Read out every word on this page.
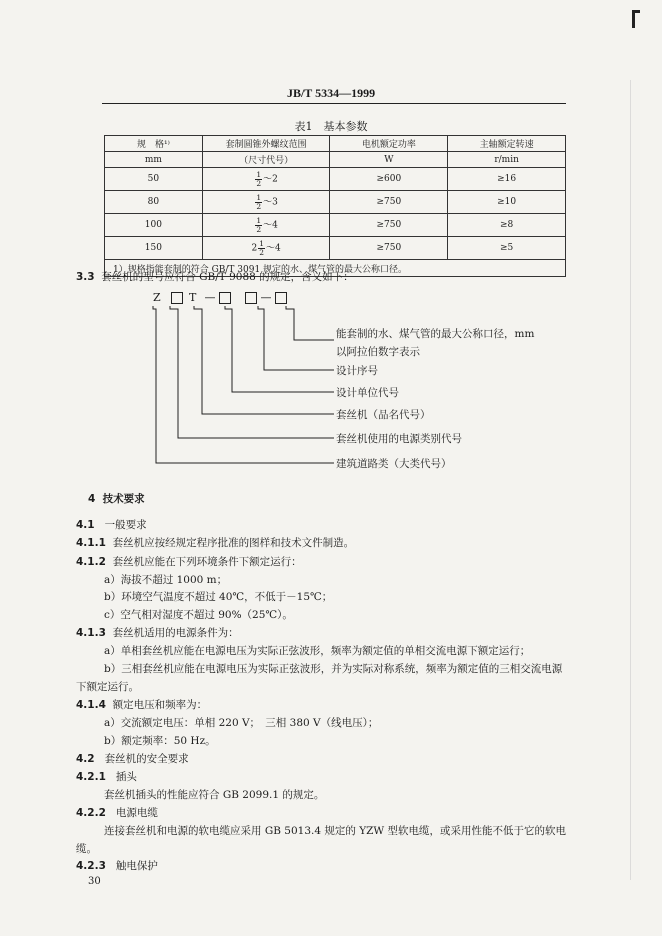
JB/T 5334—1999
表1　基本参数
规　格¹⁾	套制圆锥外螺纹范围	电机额定功率	主轴额定转速
mm	（尺寸代号）	W	r/min
50	$\frac{1}{2}$ ～2	≥600	≥16
80	$\frac{1}{2}$ ～3	≥750	≥10
100	$\frac{1}{2}$ ～4	≥750	≥8
150	$2 \frac{1}{2}$ ～4	≥750	≥5
1）规格指能套制的符合 GB/T 3091 规定的水、煤气管的最大公称口径。			
3.3 套丝机的型号应符合 GB/T 9088 的规定，含义如下：
Z	T —	—
能套制的水、煤气管的最大公称口径，mm
以阿拉伯数字表示
设计序号
设计单位代号
套丝机（品名代号）
套丝机使用的电源类别代号
建筑道路类（大类代号）
4 技术要求
4.1 一般要求
4.1.1 套丝机应按经规定程序批准的图样和技术文件制造。
4.1.2 套丝机应能在下列环境条件下额定运行：
a）海拔不超过 1000 m；
b）环境空气温度不超过 40℃，不低于－15℃；
c）空气相对湿度不超过 90%（25℃）。
4.1.3 套丝机适用的电源条件为：
a）单相套丝机应能在电源电压为实际正弦波形，频率为额定值的单相交流电源下额定运行；
b）三相套丝机应能在电源电压为实际正弦波形，并为实际对称系统，频率为额定值的三相交流电源
下额定运行。
4.1.4 额定电压和频率为：
a）交流额定电压：单相 220 V；　三相 380 V（线电压）；
b）额定频率：50 Hz。
4.2 套丝机的安全要求
4.2.1 插头
套丝机插头的性能应符合 GB 2099.1 的规定。
4.2.2 电源电缆
连接套丝机和电源的软电缆应采用 GB 5013.4 规定的 YZW 型软电缆，或采用性能不低于它的软电
缆。
4.2.3 触电保护
30
